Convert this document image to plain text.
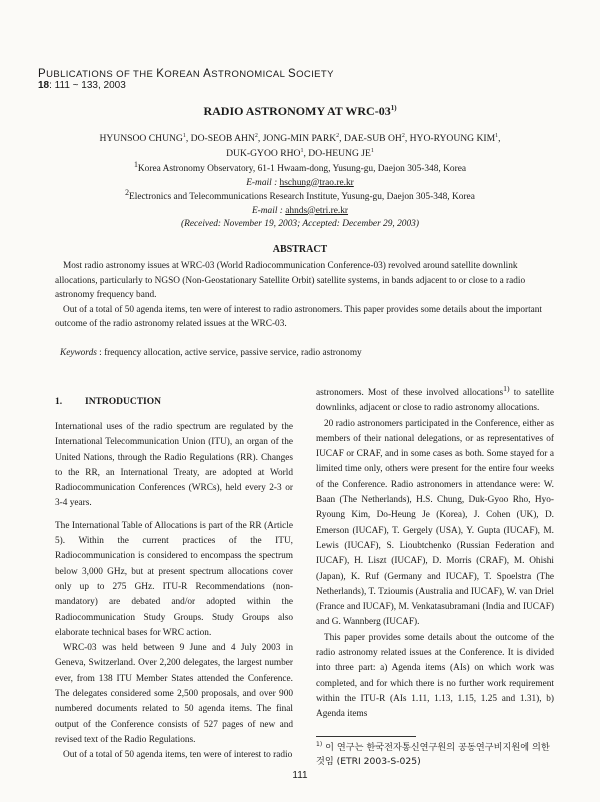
PUBLICATIONS OF THE KOREAN ASTRONOMICAL SOCIETY
18: 111 ~ 133, 2003
RADIO ASTRONOMY AT WRC-03$^{1)}$
HYUNSOO CHUNG$^1$, DO-SEOB AHN$^2$, JONG-MIN PARK$^2$, DAE-SUB $OH^2$, HYO-RYOUNG KIM$^1$,
DUK-GYOO RHO$^1$, DO-HEUNG $JE^1$
$^1$Korea Astronomy Observatory, 61-1 Hwaam-dong, Yusung-gu, Daejon 305-348, Korea
E-mail : hschung@trao.re.kr
$^2$Electronics and Telecommunications Research Institute, Yusung-gu, Daejon 305-348, Korea
E-mail : ahnds@etri.re.kr
(Received: November 19, 2003; Accepted: December 29, 2003)
ABSTRACT

Most radio astronomy issues at WRC-03 (World Radiocommunication Conference-03) revolved around satellite downlink allocations, particularly to NGSO (Non-Geostationary Satellite Orbit) satellite systems, in bands adjacent to or close to a radio astronomy frequency band.

Out of a total of 50 agenda items, ten were of interest to radio astronomers. This paper provides some details about the important outcome of the radio astronomy related issues at the WRC-03.

Keywords : frequency allocation, active service, passive service, radio astronomy
1. INTRODUCTION

International uses of the radio spectrum are regulated by the International Telecommunication Union (ITU), an organ of the United Nations, through the Radio Regulations (RR). Changes to the RR, an International Treaty, are adopted at World Radiocommunication Conferences (WRCs), held every 2-3 or 3-4 years.

The International Table of Allocations is part of the RR (Article 5). Within the current practices of the ITU, Radiocommunication is considered to encompass the spectrum below 3,000 GHz, but at present spectrum allocations cover only up to 275 GHz. ITU-R Recommendations (non-mandatory) are debated and/or adopted within the Radiocommunication Study Groups. Study Groups also elaborate technical bases for WRC action.

WRC-03 was held between 9 June and 4 July 2003 in Geneva, Switzerland. Over 2,200 delegates, the largest number ever, from 138 ITU Member States attended the Conference. The delegates considered some 2,500 proposals, and over 900 numbered documents related to 50 agenda items. The final output of the Conference consists of 527 pages of new and revised text of the Radio Regulations.

Out of a total of 50 agenda items, ten were of interest to radio

astronomers. Most of these involved allocations$^{1)}$ to satellite downlinks, adjacent or close to radio astronomy allocations.

20 radio astronomers participated in the Conference, either as members of their national delegations, or as representatives of IUCAF or CRAF, and in some cases as both. Some stayed for a limited time only, others were present for the entire four weeks of the Conference. Radio astronomers in attendance were: W. Baan (The Netherlands), H.S. Chung, Duk-Gyoo Rho, Hyo-Ryoung Kim, Do-Heung Je (Korea), J. Cohen (UK), D. Emerson (IUCAF), T. Gergely (USA), Y. Gupta (IUCAF), M. Lewis (IUCAF), S. Lioubtchenko (Russian Federation and IUCAF), H. Liszt (IUCAF), D. Morris (CRAF), M. Ohishi (Japan), K. Ruf (Germany and IUCAF), T. Spoelstra (The Netherlands), T. Tzioumis (Australia and IUCAF), W. van Driel (France and IUCAF), M. Venkatasubramani (India and IUCAF) and G. Wannberg (IUCAF).

This paper provides some details about the outcome of the radio astronomy related issues at the Conference. It is divided into three part: a) Agenda items (AIs) on which work was completed, and for which there is no further work requirement within the ITU-R (AIs 1.11, 1.13, 1.15, 1.25 and 1.31), b) Agenda items

$^{1)}$ 이 연구는 한국전자통신연구원의 공동연구비지원에 의한 것임 (ETRI 2003-S-025)
111
